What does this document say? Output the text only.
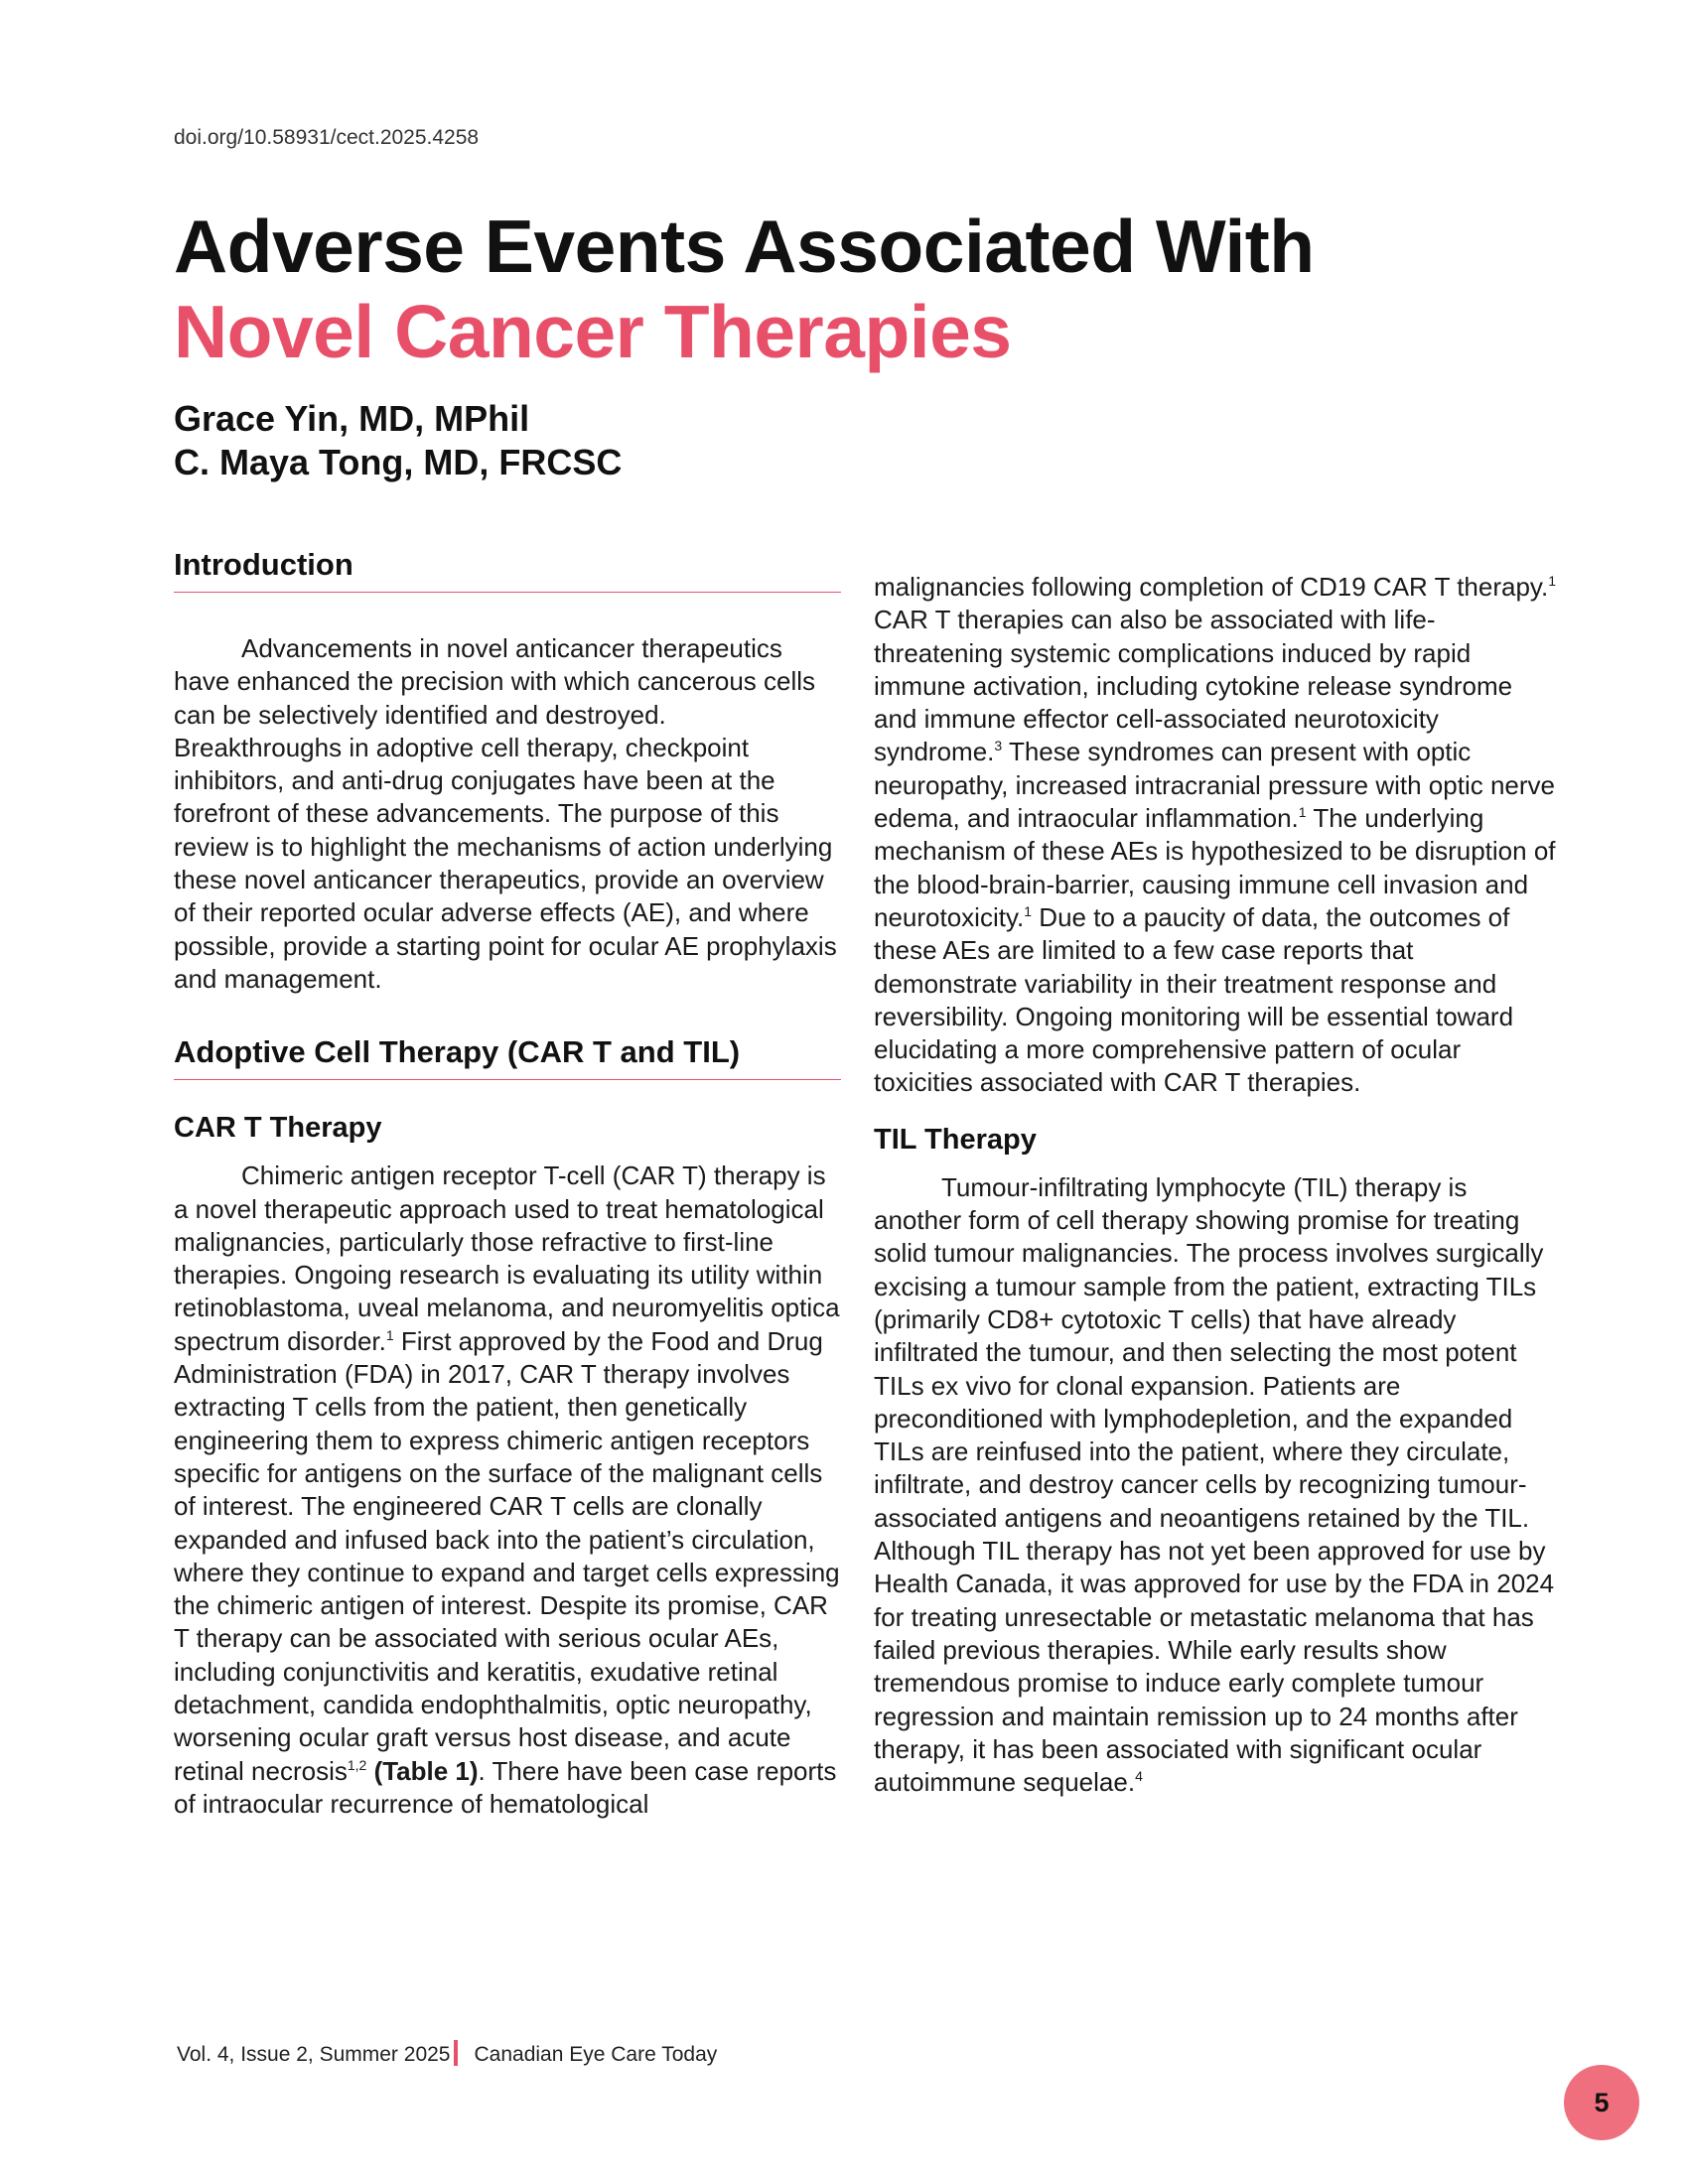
doi.org/10.58931/cect.2025.4258
Adverse Events Associated With
Novel Cancer Therapies
Grace Yin, MD, MPhil
C. Maya Tong, MD, FRCSC
Introduction

Advancements in novel anticancer therapeutics have enhanced the precision with which cancerous cells can be selectively identified and destroyed. Breakthroughs in adoptive cell therapy, checkpoint inhibitors, and anti-drug conjugates have been at the forefront of these advancements. The purpose of this review is to highlight the mechanisms of action underlying these novel anticancer therapeutics, provide an overview of their reported ocular adverse effects (AE), and where possible, provide a starting point for ocular AE prophylaxis and management.

Adoptive Cell Therapy (CAR T and TIL)
CAR T Therapy

Chimeric antigen receptor T-cell (CAR T) therapy is a novel therapeutic approach used to treat hematological malignancies, particularly those refractive to first-line therapies. Ongoing research is evaluating its utility within retinoblastoma, uveal melanoma, and neuromyelitis optica spectrum disorder.$^1$ First approved by the Food and Drug Administration (FDA) in 2017, CAR T therapy involves extracting T cells from the patient, then genetically engineering them to express chimeric antigen receptors specific for antigens on the surface of the malignant cells of interest. The engineered CAR T cells are clonally expanded and infused back into the patient’s circulation, where they continue to expand and target cells expressing the chimeric antigen of interest. Despite its promise, CAR T therapy can be associated with serious ocular AEs, including conjunctivitis and keratitis, exudative retinal detachment, candida endophthalmitis, optic neuropathy, worsening ocular graft versus host disease, and acute retinal necrosis$^{1,2}$ (Table 1). There have been case reports of intraocular recurrence of hematological

malignancies following completion of CD19 CAR T therapy.$^1$ CAR T therapies can also be associated with life-threatening systemic complications induced by rapid immune activation, including cytokine release syndrome and immune effector cell-associated neurotoxicity syndrome.$^3$ These syndromes can present with optic neuropathy, increased intracranial pressure with optic nerve edema, and intraocular inflammation.$^1$ The underlying mechanism of these AEs is hypothesized to be disruption of the blood-brain-barrier, causing immune cell invasion and neurotoxicity.$^1$ Due to a paucity of data, the outcomes of these AEs are limited to a few case reports that demonstrate variability in their treatment response and reversibility. Ongoing monitoring will be essential toward elucidating a more comprehensive pattern of ocular toxicities associated with CAR T therapies.

TIL Therapy

Tumour-infiltrating lymphocyte (TIL) therapy is another form of cell therapy showing promise for treating solid tumour malignancies. The process involves surgically excising a tumour sample from the patient, extracting TILs (primarily CD8+ cytotoxic T cells) that have already infiltrated the tumour, and then selecting the most potent TILs ex vivo for clonal expansion. Patients are preconditioned with lymphodepletion, and the expanded TILs are reinfused into the patient, where they circulate, infiltrate, and destroy cancer cells by recognizing tumour-associated antigens and neoantigens retained by the TIL. Although TIL therapy has not yet been approved for use by Health Canada, it was approved for use by the FDA in 2024 for treating unresectable or metastatic melanoma that has failed previous therapies. While early results show tremendous promise to induce early complete tumour regression and maintain remission up to 24 months after therapy, it has been associated with significant ocular autoimmune sequelae.$^4$

Vol. 4, Issue 2, Summer 2025 Canadian Eye Care Today
5
